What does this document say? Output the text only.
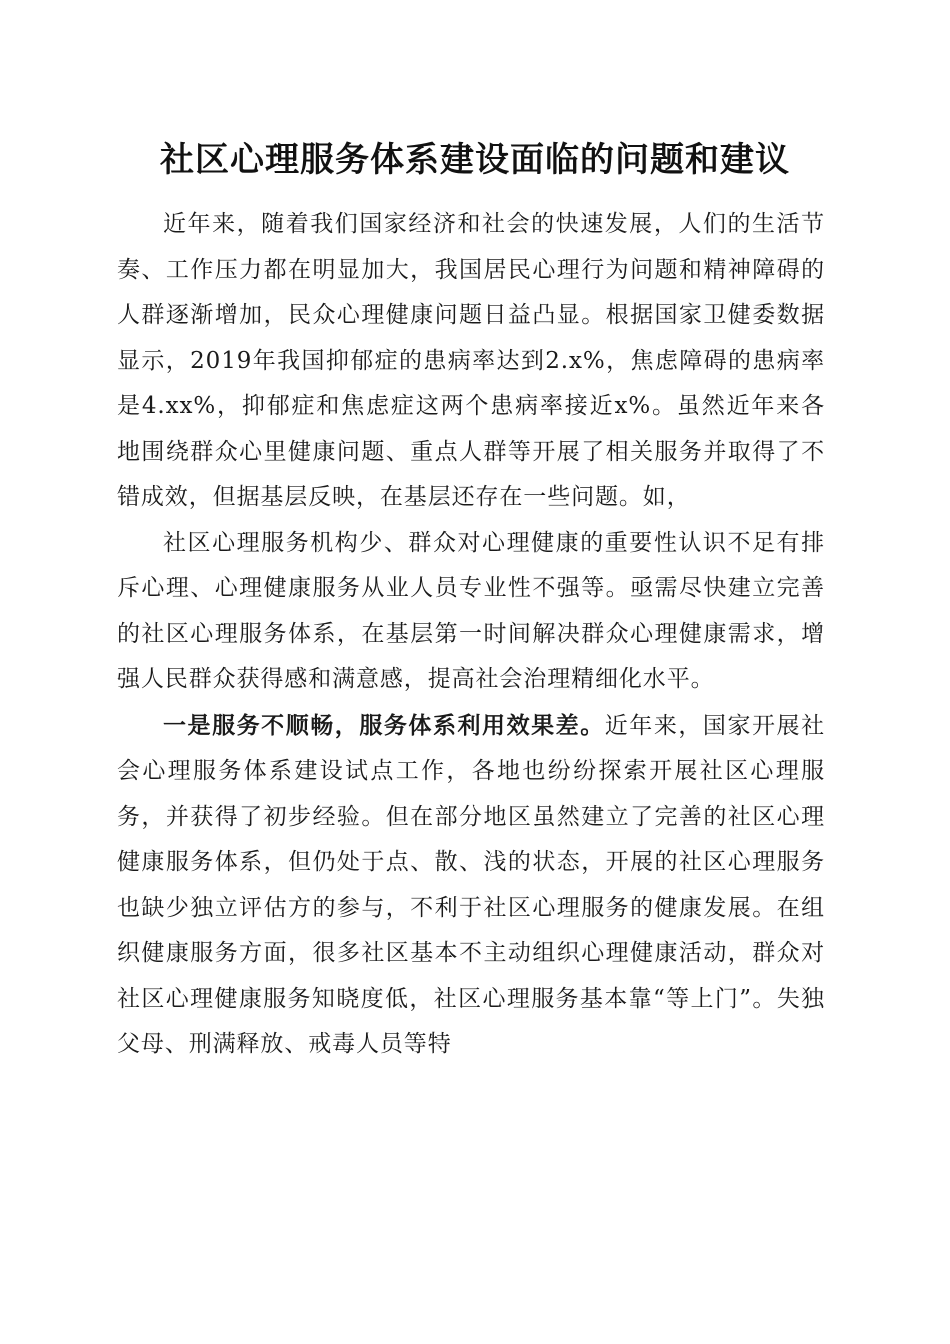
社区心理服务体系建设面临的问题和建议

近年来，随着我们国家经济和社会的快速发展，人们的生活节奏、工作压力都在明显加大，我国居民心理行为问题和精神障碍的人群逐渐增加，民众心理健康问题日益凸显。根据国家卫健委数据显示，2019年我国抑郁症的患病率达到2.x%，焦虑障碍的患病率是4.xx%，抑郁症和焦虑症这两个患病率接近x%。虽然近年来各地围绕群众心里健康问题、重点人群等开展了相关服务并取得了不错成效，但据基层反映，在基层还存在一些问题。如，

社区心理服务机构少、群众对心理健康的重要性认识不足有排斥心理、心理健康服务从业人员专业性不强等。亟需尽快建立完善的社区心理服务体系，在基层第一时间解决群众心理健康需求，增强人民群众获得感和满意感，提高社会治理精细化水平。

一是服务不顺畅，服务体系利用效果差。近年来，国家开展社会心理服务体系建设试点工作，各地也纷纷探索开展社区心理服务，并获得了初步经验。但在部分地区虽然建立了完善的社区心理健康服务体系，但仍处于点、散、浅的状态，开展的社区心理服务也缺少独立评估方的参与，不利于社区心理服务的健康发展。在组织健康服务方面，很多社区基本不主动组织心理健康活动，群众对社区心理健康服务知晓度低，社区心理服务基本靠“等上门”。失独父母、刑满释放、戒毒人员等特
